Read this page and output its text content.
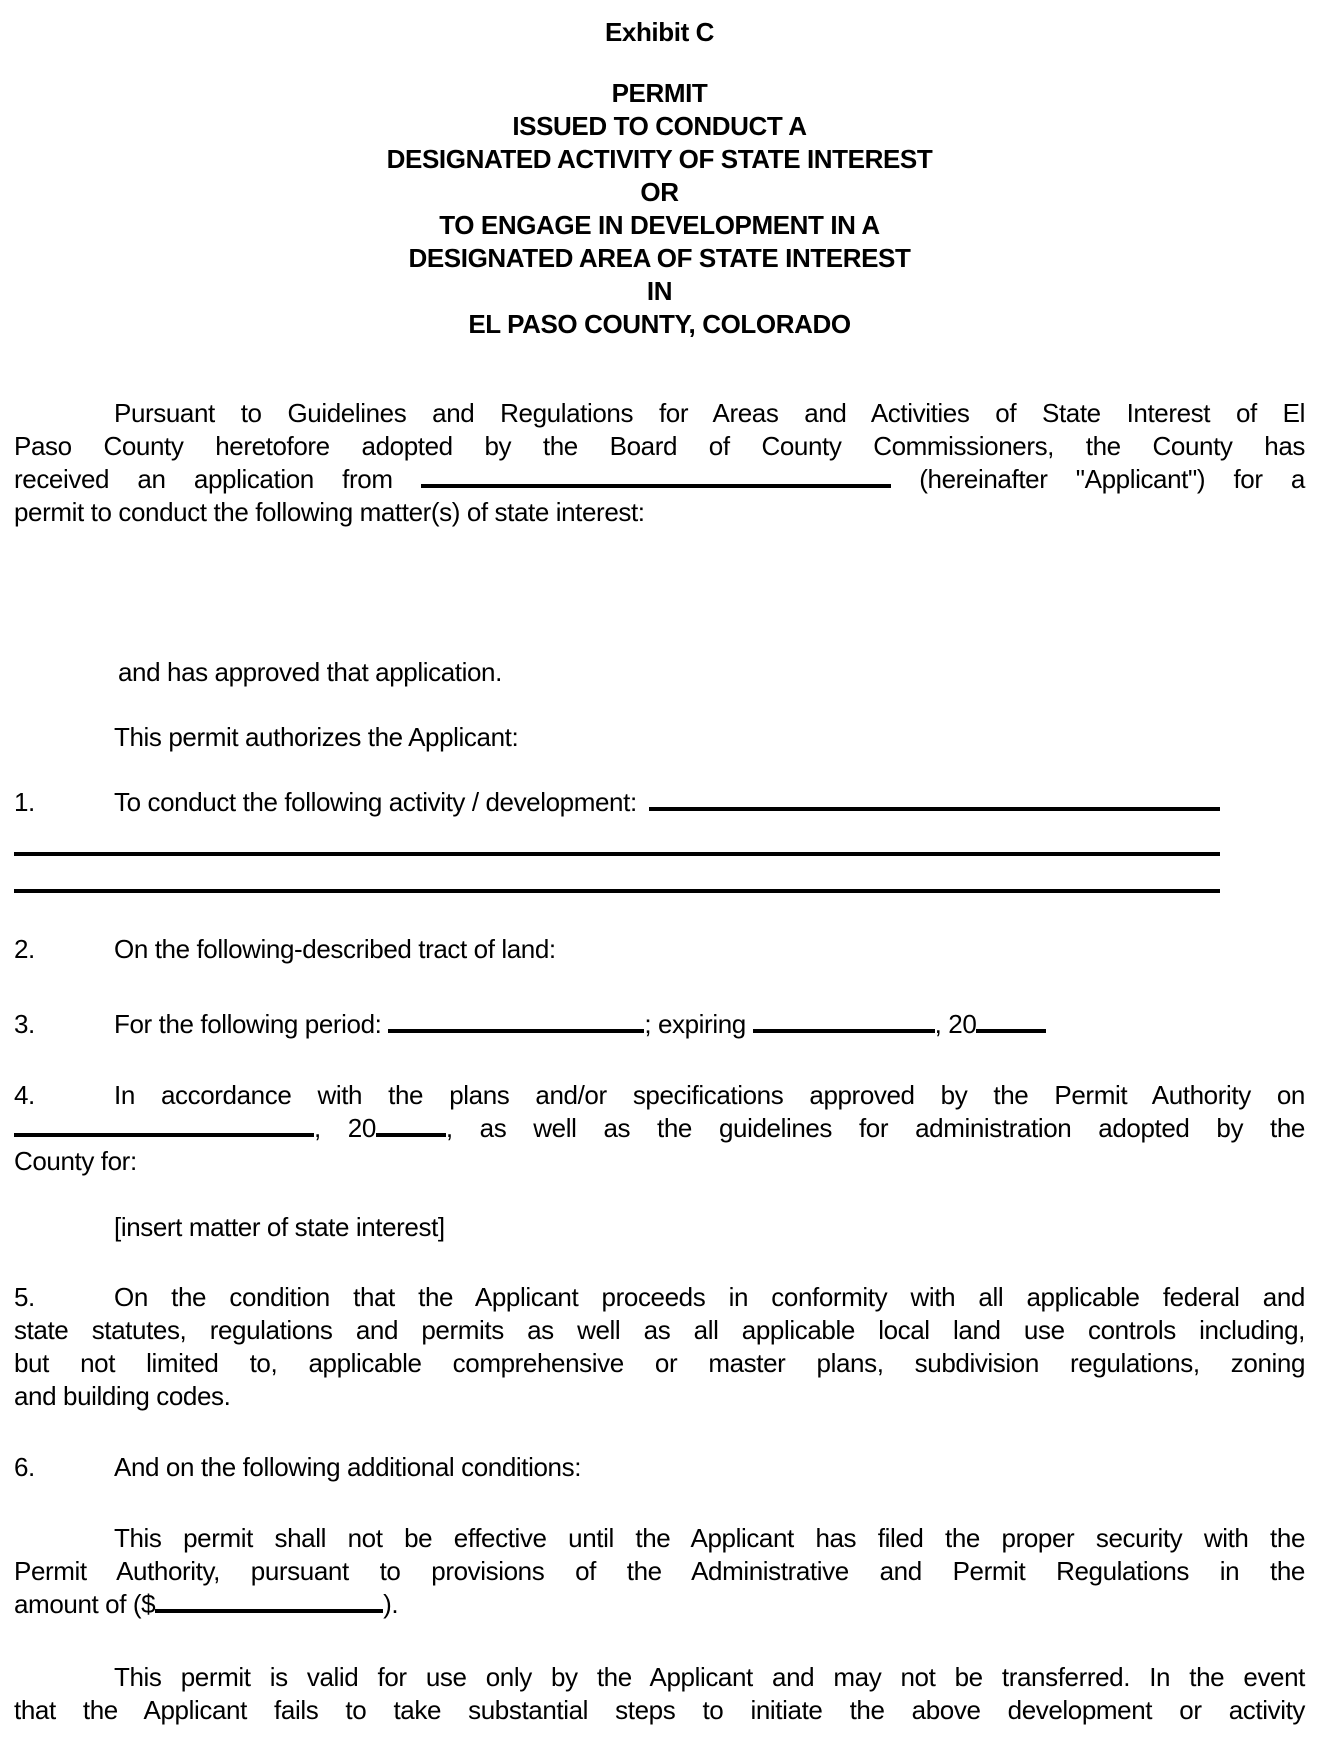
Exhibit C
PERMIT
ISSUED TO CONDUCT A
DESIGNATED ACTIVITY OF STATE INTEREST
OR
TO ENGAGE IN DEVELOPMENT IN A
DESIGNATED AREA OF STATE INTEREST
IN
EL PASO COUNTY, COLORADO
Pursuant to Guidelines and Regulations for Areas and Activities of State Interest of El
Paso County heretofore adopted by the Board of County Commissioners, the County has
received an application from	(hereinafter "Applicant") for a
permit to conduct the following matter(s) of state interest:
and has approved that application.
This permit authorizes the Applicant:
1.	To conduct the following activity / development:
2.	On the following-described tract of land:
3.	For the following period:	; expiring	, 20
4.	In accordance with the plans and/or specifications approved by the Permit Authority on
, 20	, as well as the guidelines for administration adopted by the
County for:
[insert matter of state interest]
5.	On the condition that the Applicant proceeds in conformity with all applicable federal and
state statutes, regulations and permits as well as all applicable local land use controls including,
but not limited to, applicable comprehensive or master plans, subdivision regulations, zoning
and building codes.
6.	And on the following additional conditions:
This permit shall not be effective until the Applicant has filed the proper security with the
Permit Authority, pursuant to provisions of the Administrative and Permit Regulations in the
amount of ($	).
This permit is valid for use only by the Applicant and may not be transferred. In the event
that the Applicant fails to take substantial steps to initiate the above development or activity
